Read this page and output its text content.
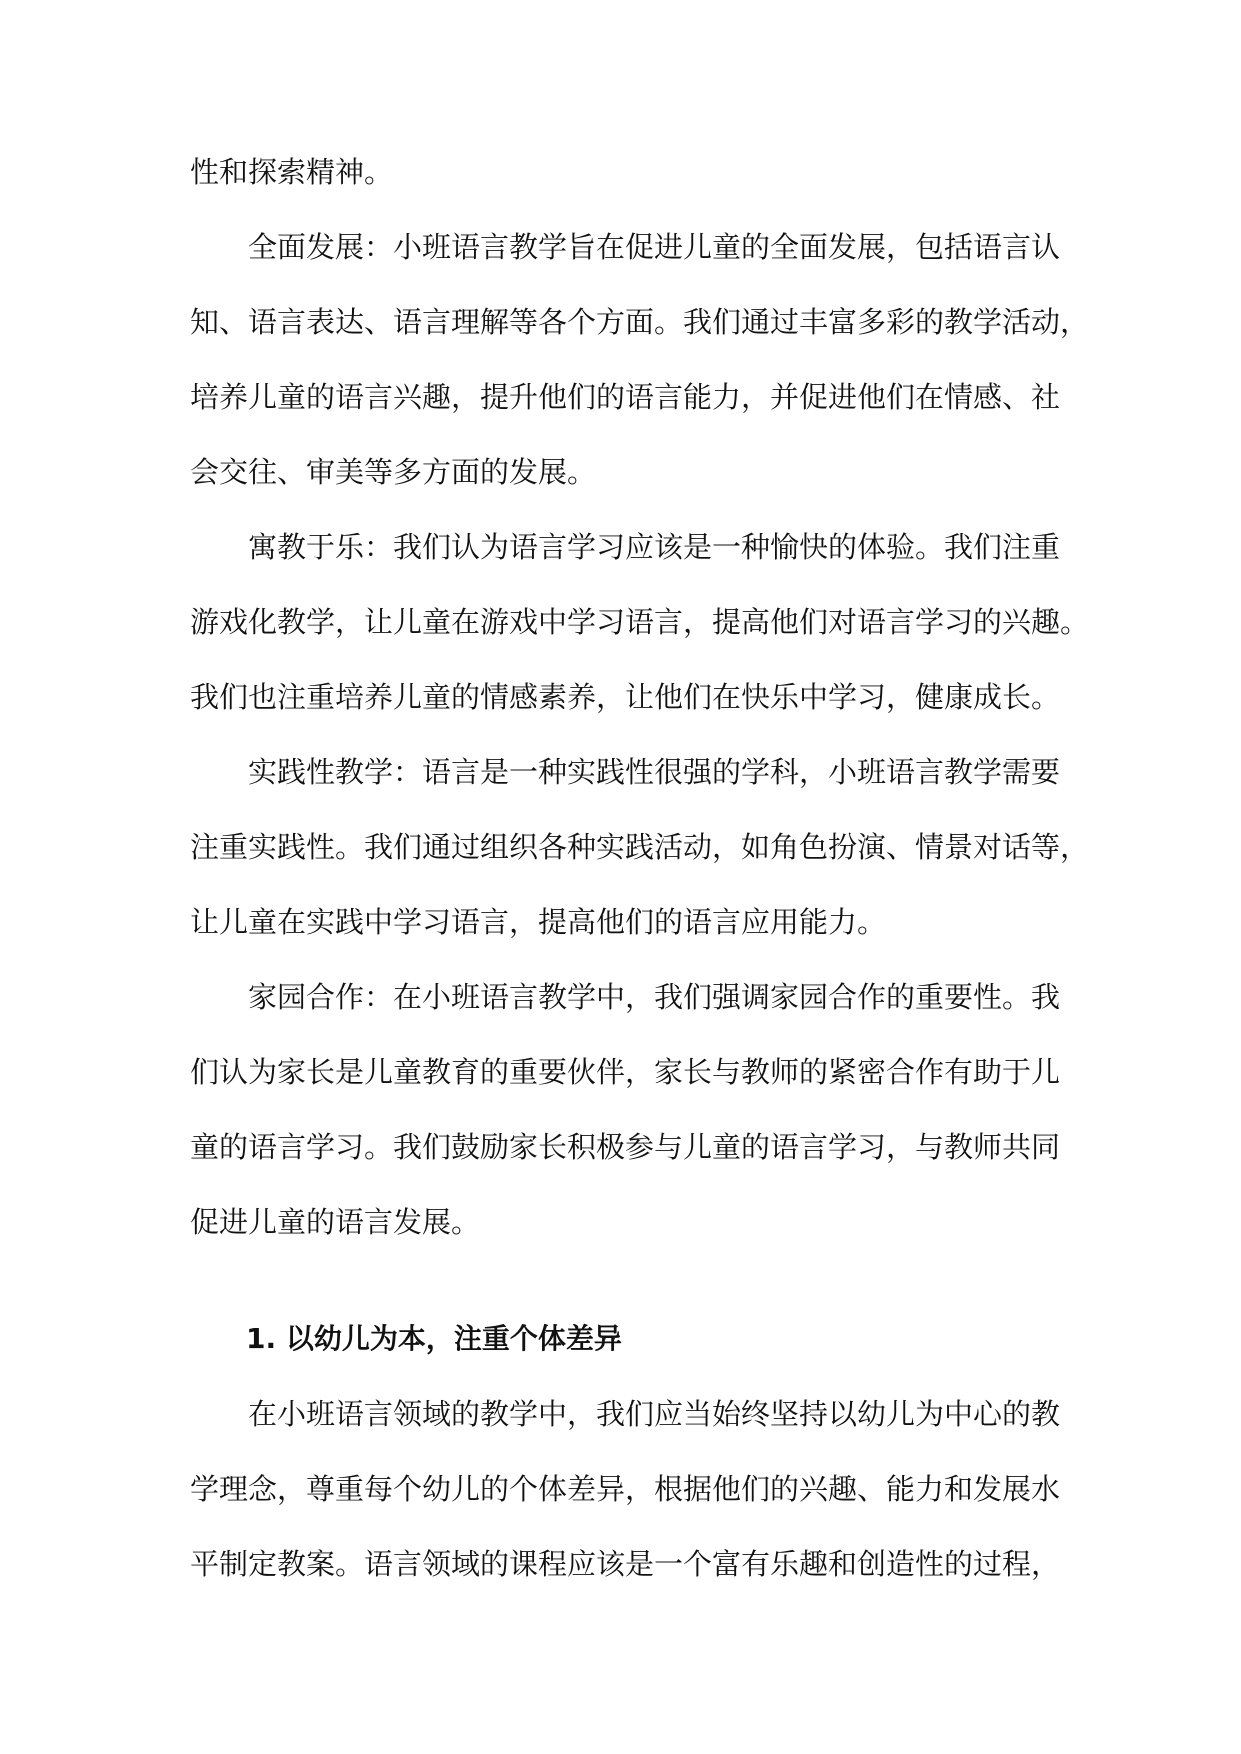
性和探索精神。
全面发展：小班语言教学旨在促进儿童的全面发展，包括语言认
知、语言表达、语言理解等各个方面。我们通过丰富多彩的教学活动，
培养儿童的语言兴趣，提升他们的语言能力，并促进他们在情感、社
会交往、审美等多方面的发展。
寓教于乐：我们认为语言学习应该是一种愉快的体验。我们注重
游戏化教学，让儿童在游戏中学习语言，提高他们对语言学习的兴趣。
我们也注重培养儿童的情感素养，让他们在快乐中学习，健康成长。
实践性教学：语言是一种实践性很强的学科，小班语言教学需要
注重实践性。我们通过组织各种实践活动，如角色扮演、情景对话等，
让儿童在实践中学习语言，提高他们的语言应用能力。
家园合作：在小班语言教学中，我们强调家园合作的重要性。我
们认为家长是儿童教育的重要伙伴，家长与教师的紧密合作有助于儿
童的语言学习。我们鼓励家长积极参与儿童的语言学习，与教师共同
促进儿童的语言发展。
1. 以幼儿为本，注重个体差异
在小班语言领域的教学中，我们应当始终坚持以幼儿为中心的教
学理念，尊重每个幼儿的个体差异，根据他们的兴趣、能力和发展水
平制定教案。语言领域的课程应该是一个富有乐趣和创造性的过程，
